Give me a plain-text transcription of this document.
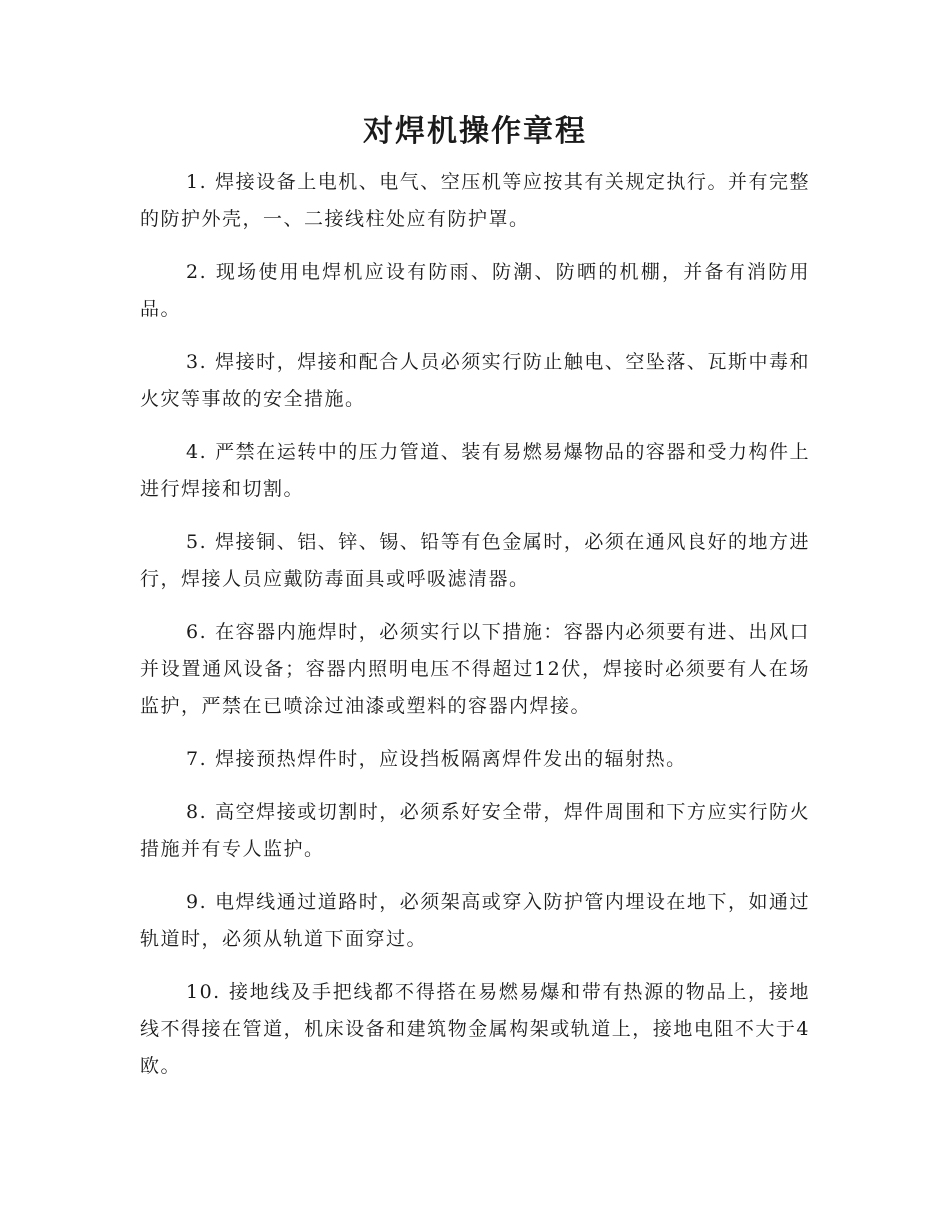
对焊机操作章程
1. 焊接设备上电机、电气、空压机等应按其有关规定执行。并有完整的防护外壳，一、二接线柱处应有防护罩。
2. 现场使用电焊机应设有防雨、防潮、防晒的机棚，并备有消防用品。
3. 焊接时，焊接和配合人员必须实行防止触电、空坠落、瓦斯中毒和火灾等事故的安全措施。
4. 严禁在运转中的压力管道、装有易燃易爆物品的容器和受力构件上进行焊接和切割。
5. 焊接铜、铝、锌、锡、铅等有色金属时，必须在通风良好的地方进行，焊接人员应戴防毒面具或呼吸滤清器。
6. 在容器内施焊时，必须实行以下措施：容器内必须要有进、出风口并设置通风设备；容器内照明电压不得超过12伏，焊接时必须要有人在场监护，严禁在已喷涂过油漆或塑料的容器内焊接。
7. 焊接预热焊件时，应设挡板隔离焊件发出的辐射热。
8. 高空焊接或切割时，必须系好安全带，焊件周围和下方应实行防火措施并有专人监护。
9. 电焊线通过道路时，必须架高或穿入防护管内埋设在地下，如通过轨道时，必须从轨道下面穿过。
10. 接地线及手把线都不得搭在易燃易爆和带有热源的物品上，接地线不得接在管道，机床设备和建筑物金属构架或轨道上，接地电阻不大于4欧。
